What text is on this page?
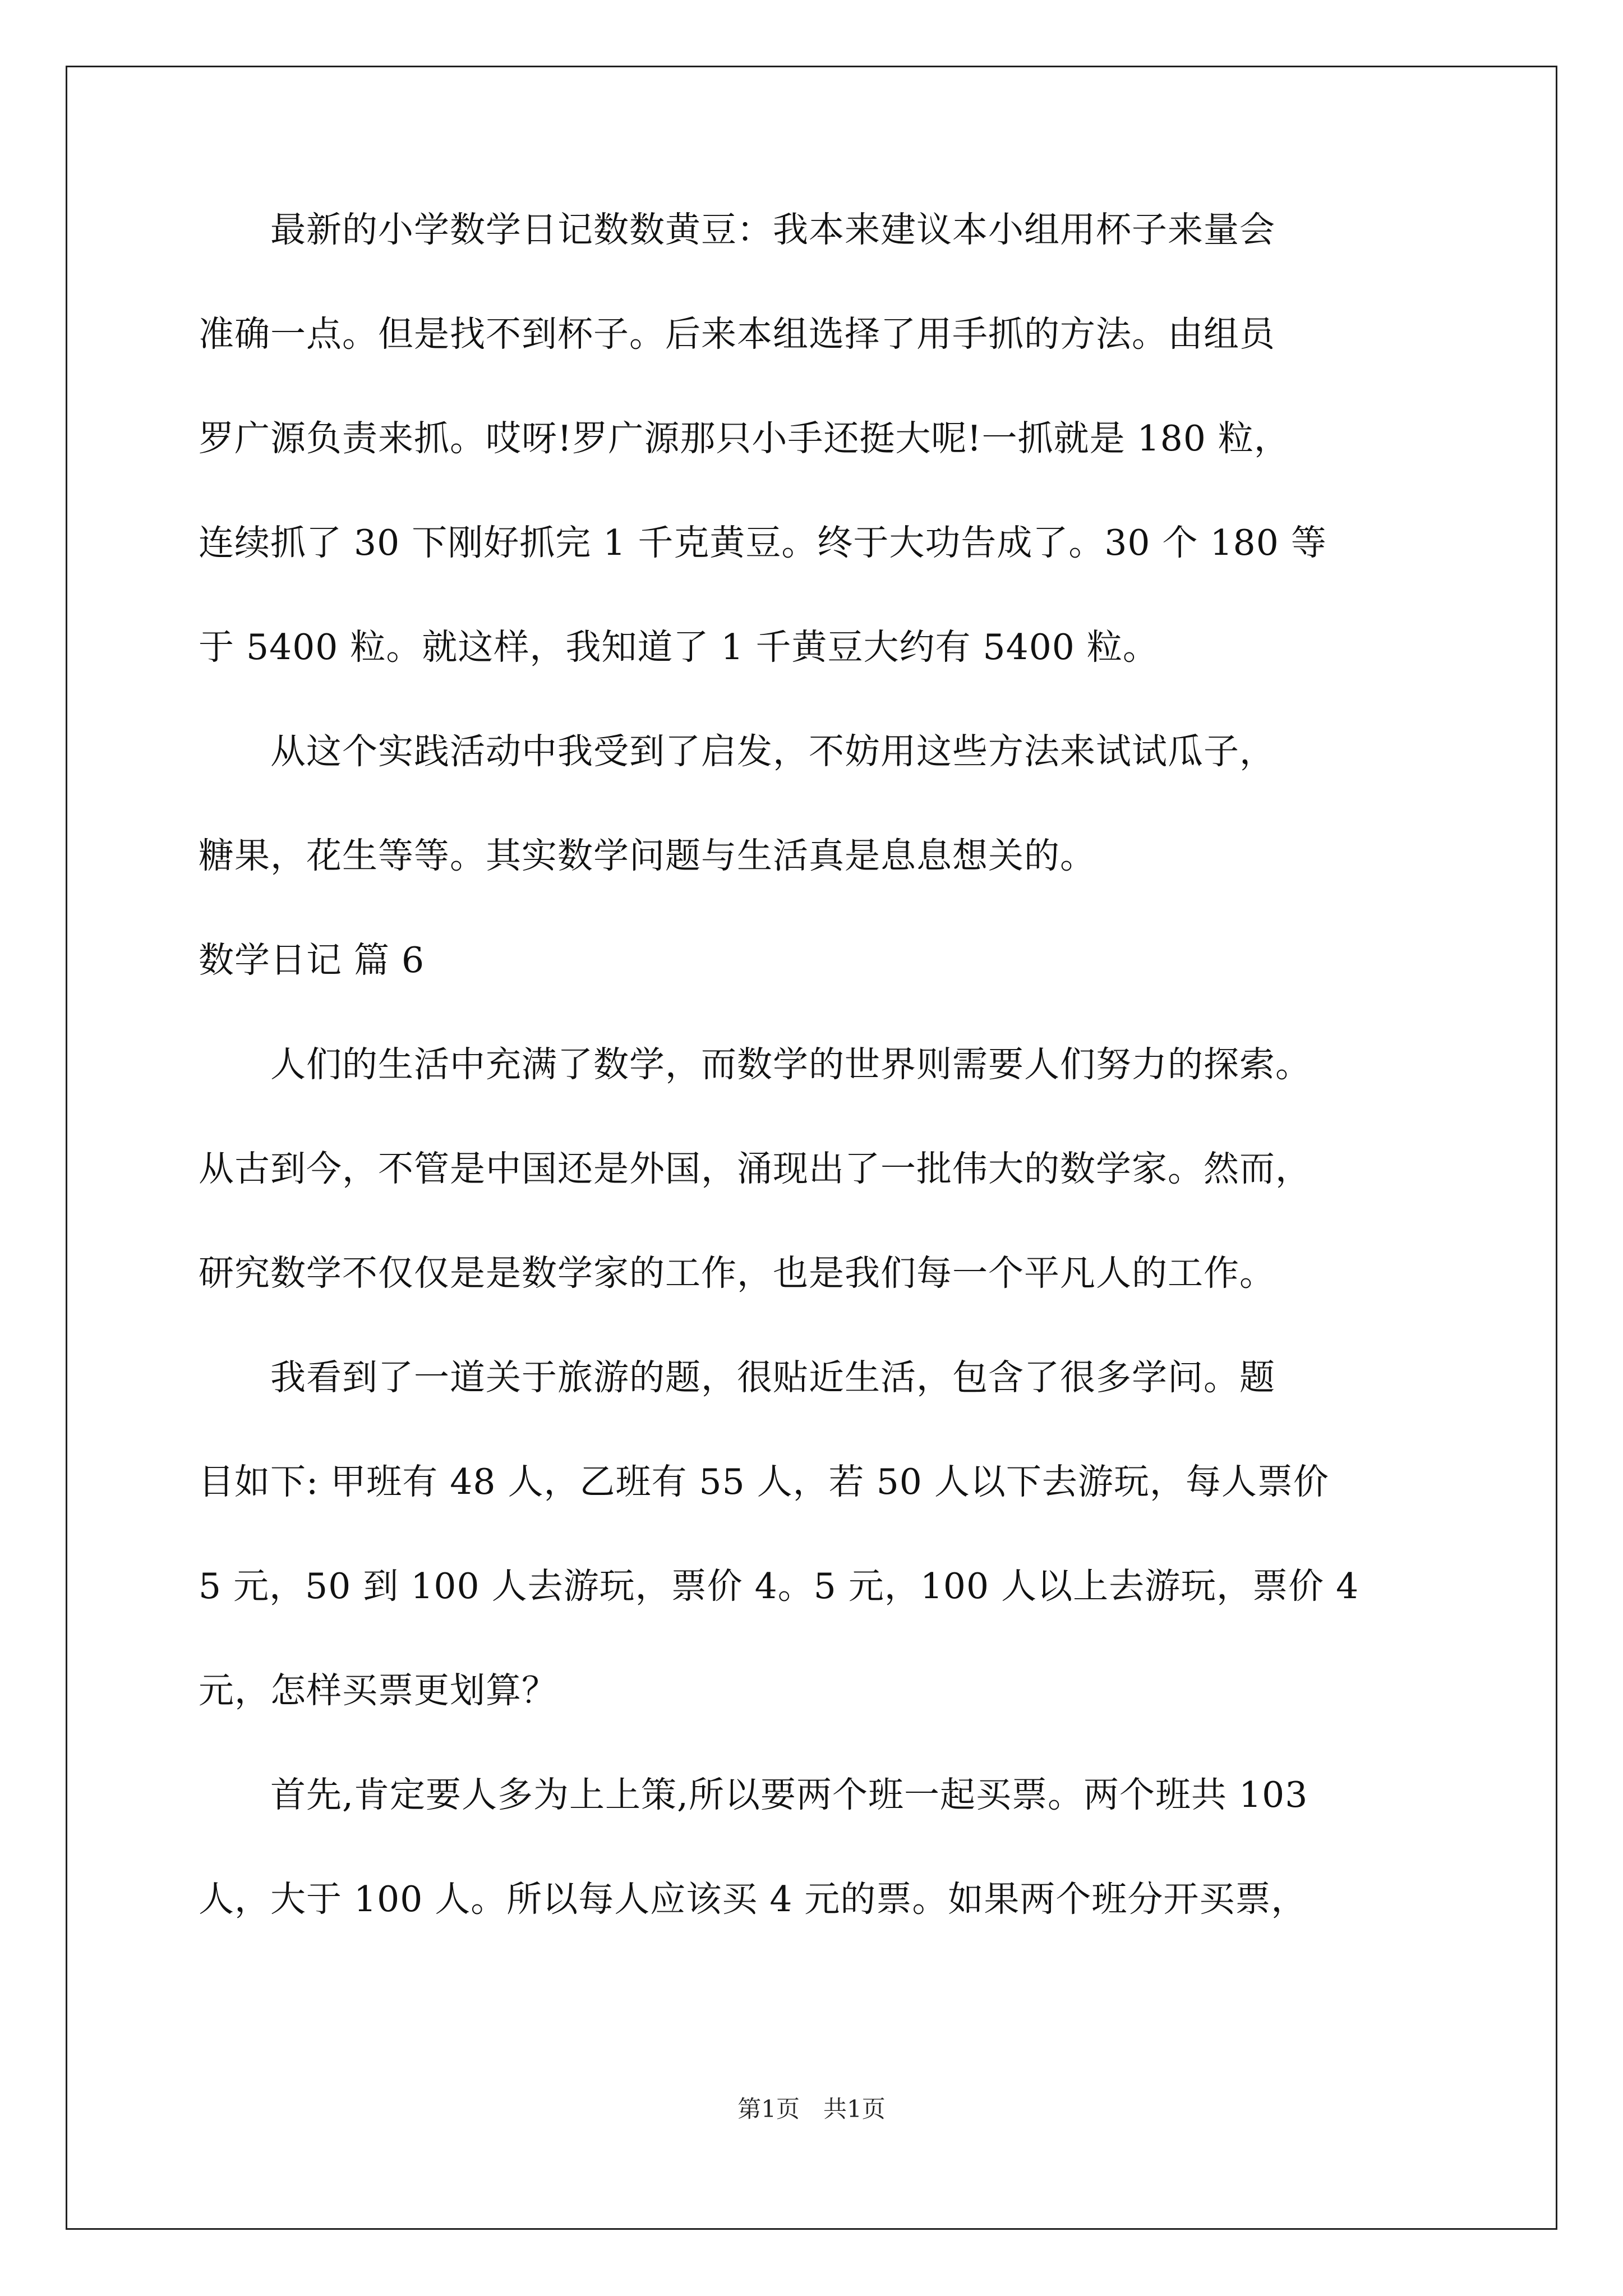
　　最新的小学数学日记数数黄豆：我本来建议本小组用杯子来量会
准确一点。但是找不到杯子。后来本组选择了用手抓的方法。由组员
罗广源负责来抓。哎呀!罗广源那只小手还挺大呢!一抓就是 180 粒，
连续抓了 30 下刚好抓完 1 千克黄豆。终于大功告成了。30 个 180 等
于 5400 粒。就这样，我知道了 1 千黄豆大约有 5400 粒。
　　从这个实践活动中我受到了启发，不妨用这些方法来试试瓜子，
糖果，花生等等。其实数学问题与生活真是息息想关的。
数学日记 篇 6
　　人们的生活中充满了数学，而数学的世界则需要人们努力的探索。
从古到今，不管是中国还是外国，涌现出了一批伟大的数学家。然而，
研究数学不仅仅是是数学家的工作，也是我们每一个平凡人的工作。
　　我看到了一道关于旅游的题，很贴近生活，包含了很多学问。题
目如下: 甲班有 48 人，乙班有 55 人，若 50 人以下去游玩，每人票价
5 元，50 到 100 人去游玩，票价 4。5 元，100 人以上去游玩，票价 4
元，怎样买票更划算？
　　首先,肯定要人多为上上策,所以要两个班一起买票。两个班共 103
人，大于 100 人。所以每人应该买 4 元的票。如果两个班分开买票，
第1页　共1页
